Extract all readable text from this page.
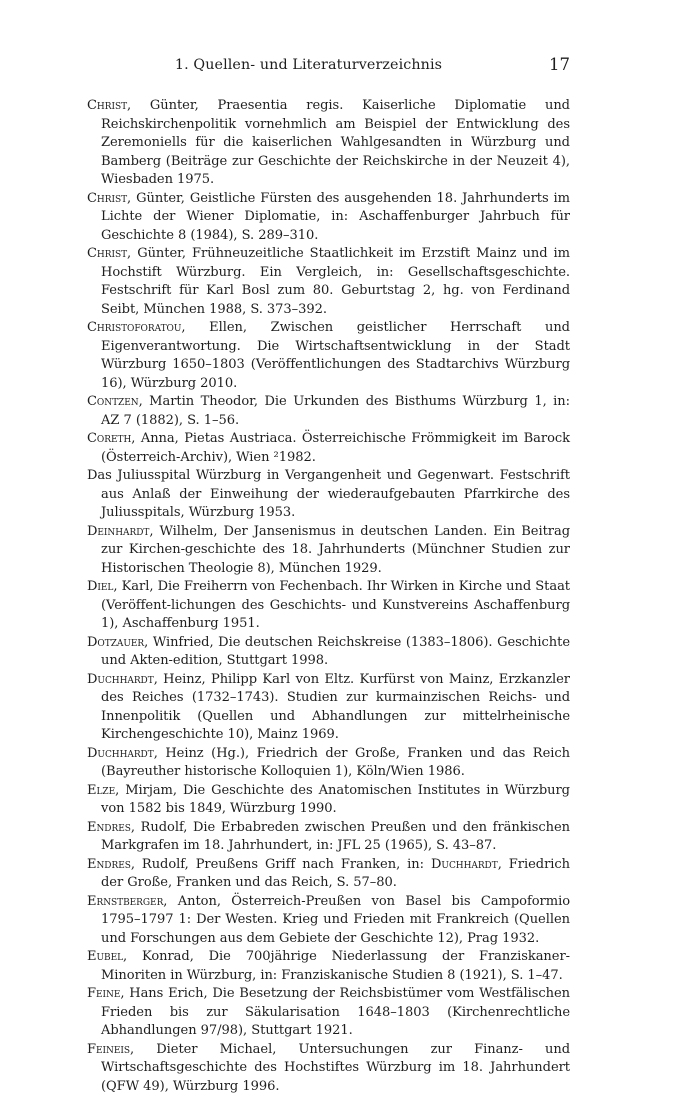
1. Quellen- und Literaturverzeichnis	17

Christ, Günter, Praesentia regis. Kaiserliche Diplomatie und Reichskirchenpolitik vornehmlich am Beispiel der Entwicklung des Zeremoniells für die kaiserlichen Wahlgesandten in Würzburg und Bamberg (Beiträge zur Geschichte der Reichskirche in der Neuzeit 4), Wiesbaden 1975.

Christ, Günter, Geistliche Fürsten des ausgehenden 18. Jahrhunderts im Lichte der Wiener Diplomatie, in: Aschaffenburger Jahrbuch für Geschichte 8 (1984), S. 289–310.

Christ, Günter, Frühneuzeitliche Staatlichkeit im Erzstift Mainz und im Hochstift Würzburg. Ein Vergleich, in: Gesellschaftsgeschichte. Festschrift für Karl Bosl zum 80. Geburtstag 2, hg. von Ferdinand Seibt, München 1988, S. 373–392.

Christoforatou, Ellen, Zwischen geistlicher Herrschaft und Eigenverantwortung. Die Wirtschaftsentwicklung in der Stadt Würzburg 1650–1803 (Veröffentlichungen des Stadtarchivs Würzburg 16), Würzburg 2010.

Contzen, Martin Theodor, Die Urkunden des Bisthums Würzburg 1, in: AZ 7 (1882), S. 1–56.

Coreth, Anna, Pietas Austriaca. Österreichische Frömmigkeit im Barock (Österreich-Archiv), Wien ²1982.

Das Juliusspital Würzburg in Vergangenheit und Gegenwart. Festschrift aus Anlaß der Einweihung der wiederaufgebauten Pfarrkirche des Juliusspitals, Würzburg 1953.

Deinhardt, Wilhelm, Der Jansenismus in deutschen Landen. Ein Beitrag zur Kirchen-geschichte des 18. Jahrhunderts (Münchner Studien zur Historischen Theologie 8), München 1929.

Diel, Karl, Die Freiherrn von Fechenbach. Ihr Wirken in Kirche und Staat (Veröffent-lichungen des Geschichts- und Kunstvereins Aschaffenburg 1), Aschaffenburg 1951.

Dotzauer, Winfried, Die deutschen Reichskreise (1383–1806). Geschichte und Akten-edition, Stuttgart 1998.

Duchhardt, Heinz, Philipp Karl von Eltz. Kurfürst von Mainz, Erzkanzler des Reiches (1732–1743). Studien zur kurmainzischen Reichs- und Innenpolitik (Quellen und Abhandlungen zur mittelrheinische Kirchengeschichte 10), Mainz 1969.

Duchhardt, Heinz (Hg.), Friedrich der Große, Franken und das Reich (Bayreuther historische Kolloquien 1), Köln/Wien 1986.

Elze, Mirjam, Die Geschichte des Anatomischen Institutes in Würzburg von 1582 bis 1849, Würzburg 1990.

Endres, Rudolf, Die Erbabreden zwischen Preußen und den fränkischen Markgrafen im 18. Jahrhundert, in: JFL 25 (1965), S. 43–87.

Endres, Rudolf, Preußens Griff nach Franken, in: Duchhardt, Friedrich der Große, Franken und das Reich, S. 57–80.

Ernstberger, Anton, Österreich-Preußen von Basel bis Campoformio 1795–1797 1: Der Westen. Krieg und Frieden mit Frankreich (Quellen und Forschungen aus dem Gebiete der Geschichte 12), Prag 1932.

Eubel, Konrad, Die 700jährige Niederlassung der Franziskaner-Minoriten in Würzburg, in: Franziskanische Studien 8 (1921), S. 1–47.

Feine, Hans Erich, Die Besetzung der Reichsbistümer vom Westfälischen Frieden bis zur Säkularisation 1648–1803 (Kirchenrechtliche Abhandlungen 97/98), Stuttgart 1921.

Feineis, Dieter Michael, Untersuchungen zur Finanz- und Wirtschaftsgeschichte des Hochstiftes Würzburg im 18. Jahrhundert (QFW 49), Würzburg 1996.
